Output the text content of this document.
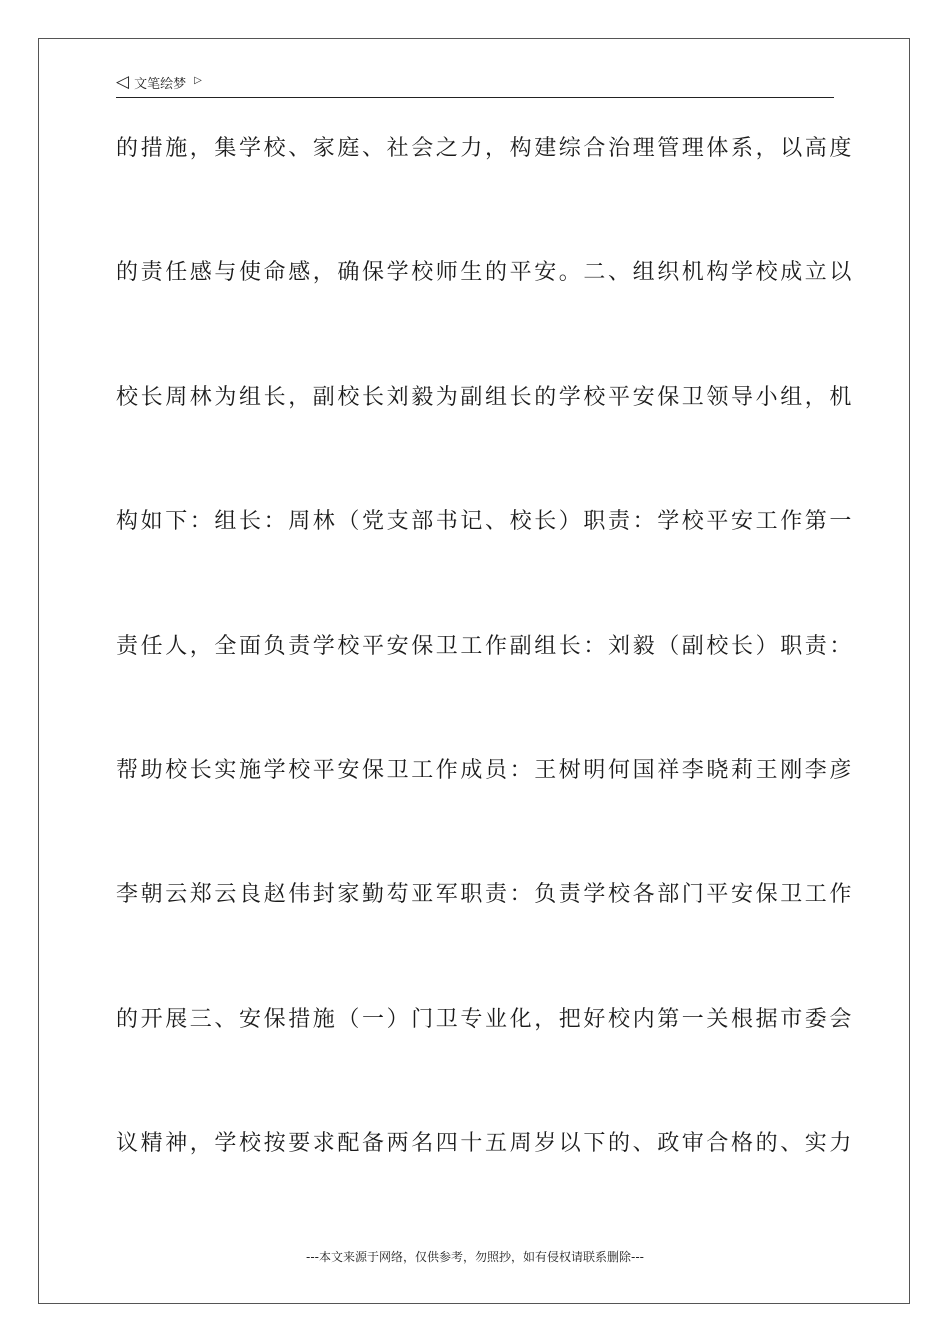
◁ 文笔绘梦 ▷
的措施，集学校、家庭、社会之力，构建综合治理管理体系，以高度
的责任感与使命感，确保学校师生的平安。二、组织机构学校成立以
校长周林为组长，副校长刘毅为副组长的学校平安保卫领导小组，机
构如下：组长：周林（党支部书记、校长）职责：学校平安工作第一
责任人，全面负责学校平安保卫工作副组长：刘毅（副校长）职责：
帮助校长实施学校平安保卫工作成员：王树明何国祥李晓莉王刚李彦
李朝云郑云良赵伟封家勤芶亚军职责：负责学校各部门平安保卫工作
的开展三、安保措施（一）门卫专业化，把好校内第一关根据市委会
议精神，学校按要求配备两名四十五周岁以下的、政审合格的、实力
---本文来源于网络，仅供参考，勿照抄，如有侵权请联系删除---
